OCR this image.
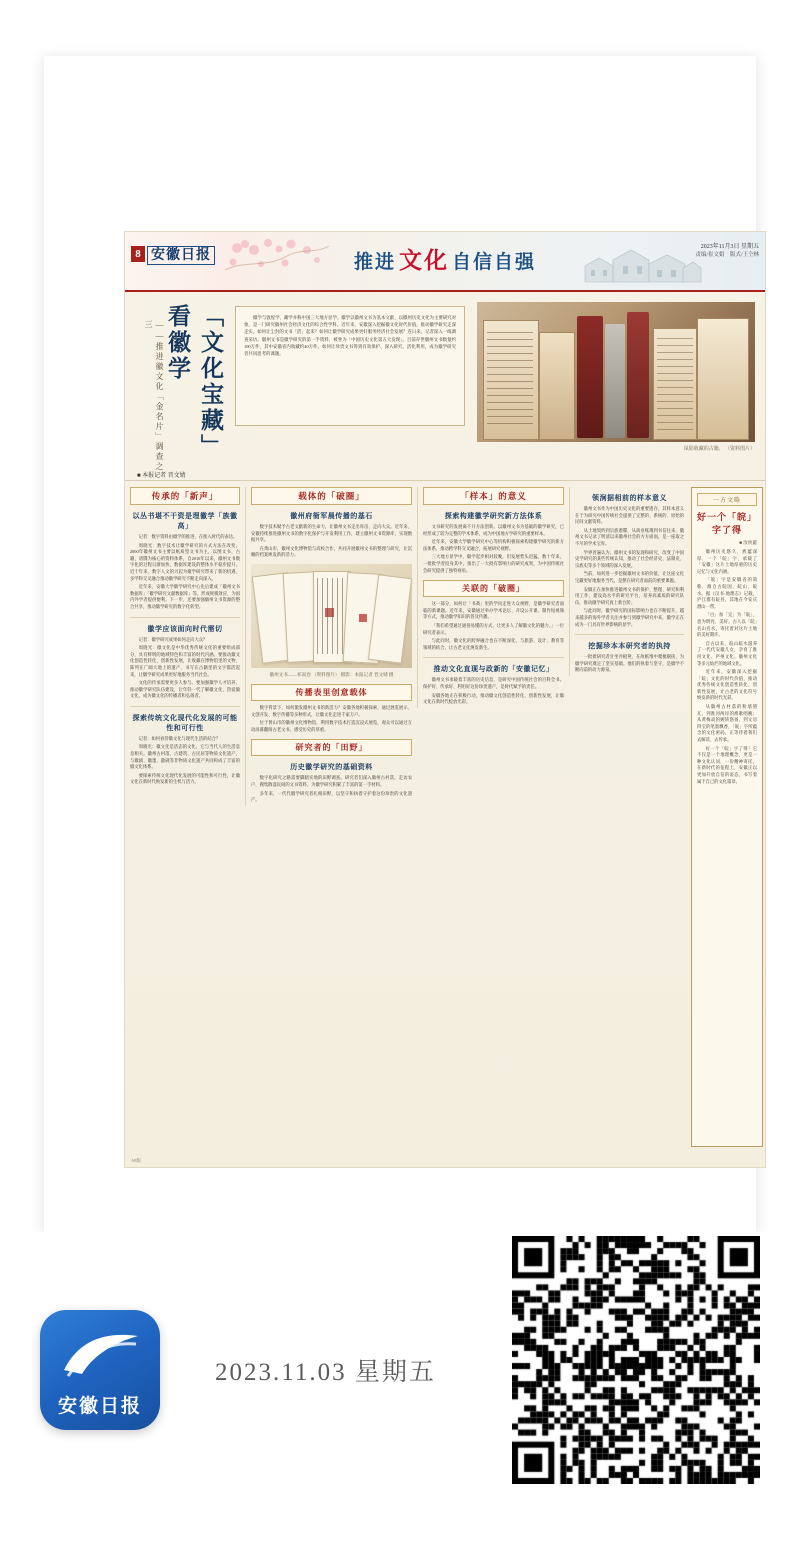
8 安徽日报	推进 文化 自信自强
2023年11月3日 星期五
责编/崔文娟　版式/王仝林
「文化宝藏」看徽学
——推进徽文化「金名片」调查之三

徽学与敦煌学、藏学并称中国三大地方显学。徽学以徽州文书为基本文献，以徽州历史文化为主要研究对象，是一门研究徽州社会经济文化的综合性学科。近年来，安徽深入挖掘徽文化时代价值，推动徽学研究走深走实。如何让尘封的文书「活」起来？如何让徽学研究成果更好服务经济社会发展？连日来，记者深入一线调查采访。徽州文书是徽学研究的第一手资料，被誉为「中国历史文化第五大发现」。目前存世徽州文书数量约100万件，其中安徽省内收藏约40万件。如何让珍贵文书得到有效保护、深入研究、活化利用，成为徽学研究者共同思考的课题。

凤阳收藏的古籍、 （资料图片）
■ 本报记者 晋文婧
传承的「新声」
以丛书堪不干资是理徽学「族徽高」

记者：数字资料由徽学的推进，在推入时代的表达。

周晓光：数字技术让徽学研究的方式方法在改变。2000年徽州文书主要以纸质型文书为主，以图文书、古籍、谱牒为核心的资料体系，自2010年以来，徽州文书数字化的过程日渐加快，数据库建设的整体水平稳步提升。近十年来，数字人文的兴起为徽学研究带来了新的机遇，多学科交叉融合推动徽学研究不断走向深入。

近年来，安徽大学徽学研究中心先后建成「徽州文书数据库」「徽学研究文献数据库」等，形成规模效应，为国内外学者提供便利。下一步，还要加强徽州文书资源的整合共享，推动徽学研究的数字化转型。

徽学应该面向时代需切

记者：徽学研究成果如何走向大众？

周晓光：徽文化是中华优秀传统文化的重要组成部分，具有鲜明的地域特色和丰富的时代内涵。要推动徽文化创造性转化、创新性发展，让收藏在博物馆里的文物、陈列在广阔大地上的遗产、书写在古籍里的文字都活起来，让徽学研究成果更好地服务当代社会。

文化的传承需要更多人参与。要加强徽学人才培养，推动徽学研究队伍建设，让年轻一代了解徽文化、热爱徽文化，成为徽文化的传播者和弘扬者。

探索传统文化现代化发展的可能性和可行性

记者：如何看待徽文化与现代生活的结合？

周晓光：徽文化是活态的文化，它与当代人的生活息息相关。徽州古村落、古建筑、古民居等物质文化遗产，与徽剧、徽墨、歙砚等非物质文化遗产共同构成了丰富的徽文化体系。

要探索传统文化现代化发展的可能性和可行性，让徽文化在新时代焕发新的生机与活力。

载体的「破圈」
徽州府衙军晨传播的基石

数字技术赋予古老文献新的生命力，让徽州文书走出库房、走向大众。近年来，安徽持续推进徽州文书的数字化保护与开发利用工作，建立徽州文书资源库，实现数据共享。

在黄山市，徽州文化博物馆与高校合作，共同开展徽州文书的整理与研究，让沉睡的档案焕发新的活力。

徽州文书——祁南卷 （资料图片） 摄影：本报记者 晋文婧 摄
传播表里创意载体

数字背景下，如何激发徽州文书的新活力？安徽各地积极探索，通过展览展示、文创开发、数字传播等多种形式，让徽文化走进千家万户。

位于黄山市的徽州文化博物馆，利用数字技术打造沉浸式展览，观众可以通过互动屏幕翻阅古老文书，感受历史的厚重。

研究者的「田野」
历史徽学研究的基础资料

数字化研究之路需要脚踏实地的田野调查。研究者们深入徽州古村落，走访农户，搜集散落民间的文书资料，为徽学研究积累了丰富的第一手材料。

多年来，一代代徽学研究者扎根田野，以坚守和执着守护着这份珍贵的文化遗产。

「样本」的意义
探索构建徽学研究新方法体系

文书研究的发展离不开方法创新。以徽州文书为基础的徽学研究，已经形成了较为完整的学术体系，成为中国地方学研究的重要样本。

近年来，安徽大学徽学研究中心等机构积极探索构建徽学研究的新方法体系，推动跨学科交叉融合，拓展研究视野。

三大地方显学中，徽学起步相对较晚，但发展势头迅猛。数十年来，一批批学者投身其中，推出了一大批有影响力的研究成果，为中国传统社会研究提供了独特视角。

关联的「破圈」

这一部分，如何让「书斋」里的学问走进大众视野，是徽学研究者面临的新课题。近年来，安徽通过举办学术论坛、开设公开课、制作短视频等方式，推动徽学知识的普及传播。

「我们希望通过通俗易懂的方式，让更多人了解徽文化的魅力。」一位研究者表示。

与此同时，徽文化的跨界融合也在不断深化，与旅游、设计、教育等领域的结合，让古老文化焕发新生。

推动文化直现与政新的「安徽记忆」

徽州文书承载着丰富的历史信息，是研究中国传统社会的百科全书。保护好、传承好、利用好这份珍贵遗产，是时代赋予的责任。

安徽各地正在积极行动，推动徽文化创造性转化、创新性发展，让徽文化在新时代绽放光彩。

领涧据相前的样本意义

徽州文书作为中国历史文化的重要遗存，其样本意义在于为研究中国传统社会提供了完整的、系统的、原始的民间文献资料。

从土地契约到宗族谱牒，从商业账簿到书信往来，徽州文书记录了明清以来徽州社会的方方面面，是一座取之不尽的学术宝库。

学界普遍认为，徽州文书的发现和研究，改变了中国史学研究的某些传统认知，推动了社会经济史、法制史、宗族史等多个领域的深入发展。

当前，如何进一步挖掘徽州文书的价值，让这座文化宝藏更好地服务当代，是摆在研究者面前的重要课题。

安徽正在加快推进徽州文书的保护、整理、研究和利用工作，建设高水平的研究平台，培养高素质的研究队伍，推动徽学研究再上新台阶。

与此同时，徽学研究的国际影响力也在不断提升，越来越多的海外学者关注并参与到徽学研究中来，徽学正在成为一门具有世界影响的显学。

挖掘珍本本研究者的执持

一批批研究者甘坐冷板凳，在故纸堆中爬梳剔抉，为徽学研究奠定了坚实基础。他们的执着与坚守，是徽学不断向前的动力源泉。

一方文略
好一个「皖」字了得
■ 汝泱蕙

徽州历史悠久，底蕴深厚，一个「皖」字，承载了「安徽」这片土地厚重的历史记忆与文化内涵。

「皖」字是安徽省的简称，源自古皖国、皖山、皖水。据《汉书·地理志》记载，庐江郡有皖县，其地在今安庆潜山一带。

「白」加「完」为「皖」，意为明亮、美好。古人以「皖」名山名水，寄托着对这片土地的美好期许。

自古以来，皖山皖水滋养了一代代安徽儿女，孕育了淮河文化、庐州文化、徽州文化等多元灿烂的地域文化。

近年来，安徽深入挖掘「皖」文化的时代价值，推动优秀传统文化创造性转化、创新性发展，让古老的文化符号焕发新的时代光彩。

从徽州古村落的粉墙黛瓦，到淮河两岸的渔歌唱晚；从黄梅戏的婉转悠扬，到文房四宝的笔墨飘香，「皖」字所蕴含的文化密码，正等待着我们去解读、去传承。

好一个「皖」字了得！它不仅是一个地理概念，更是一种文化认同，一份精神寄托。在新时代的征程上，安徽正以更加开放自信的姿态，书写着属于自己的文化篇章。

A8版
安徽日报
2023.11.03 星期五
